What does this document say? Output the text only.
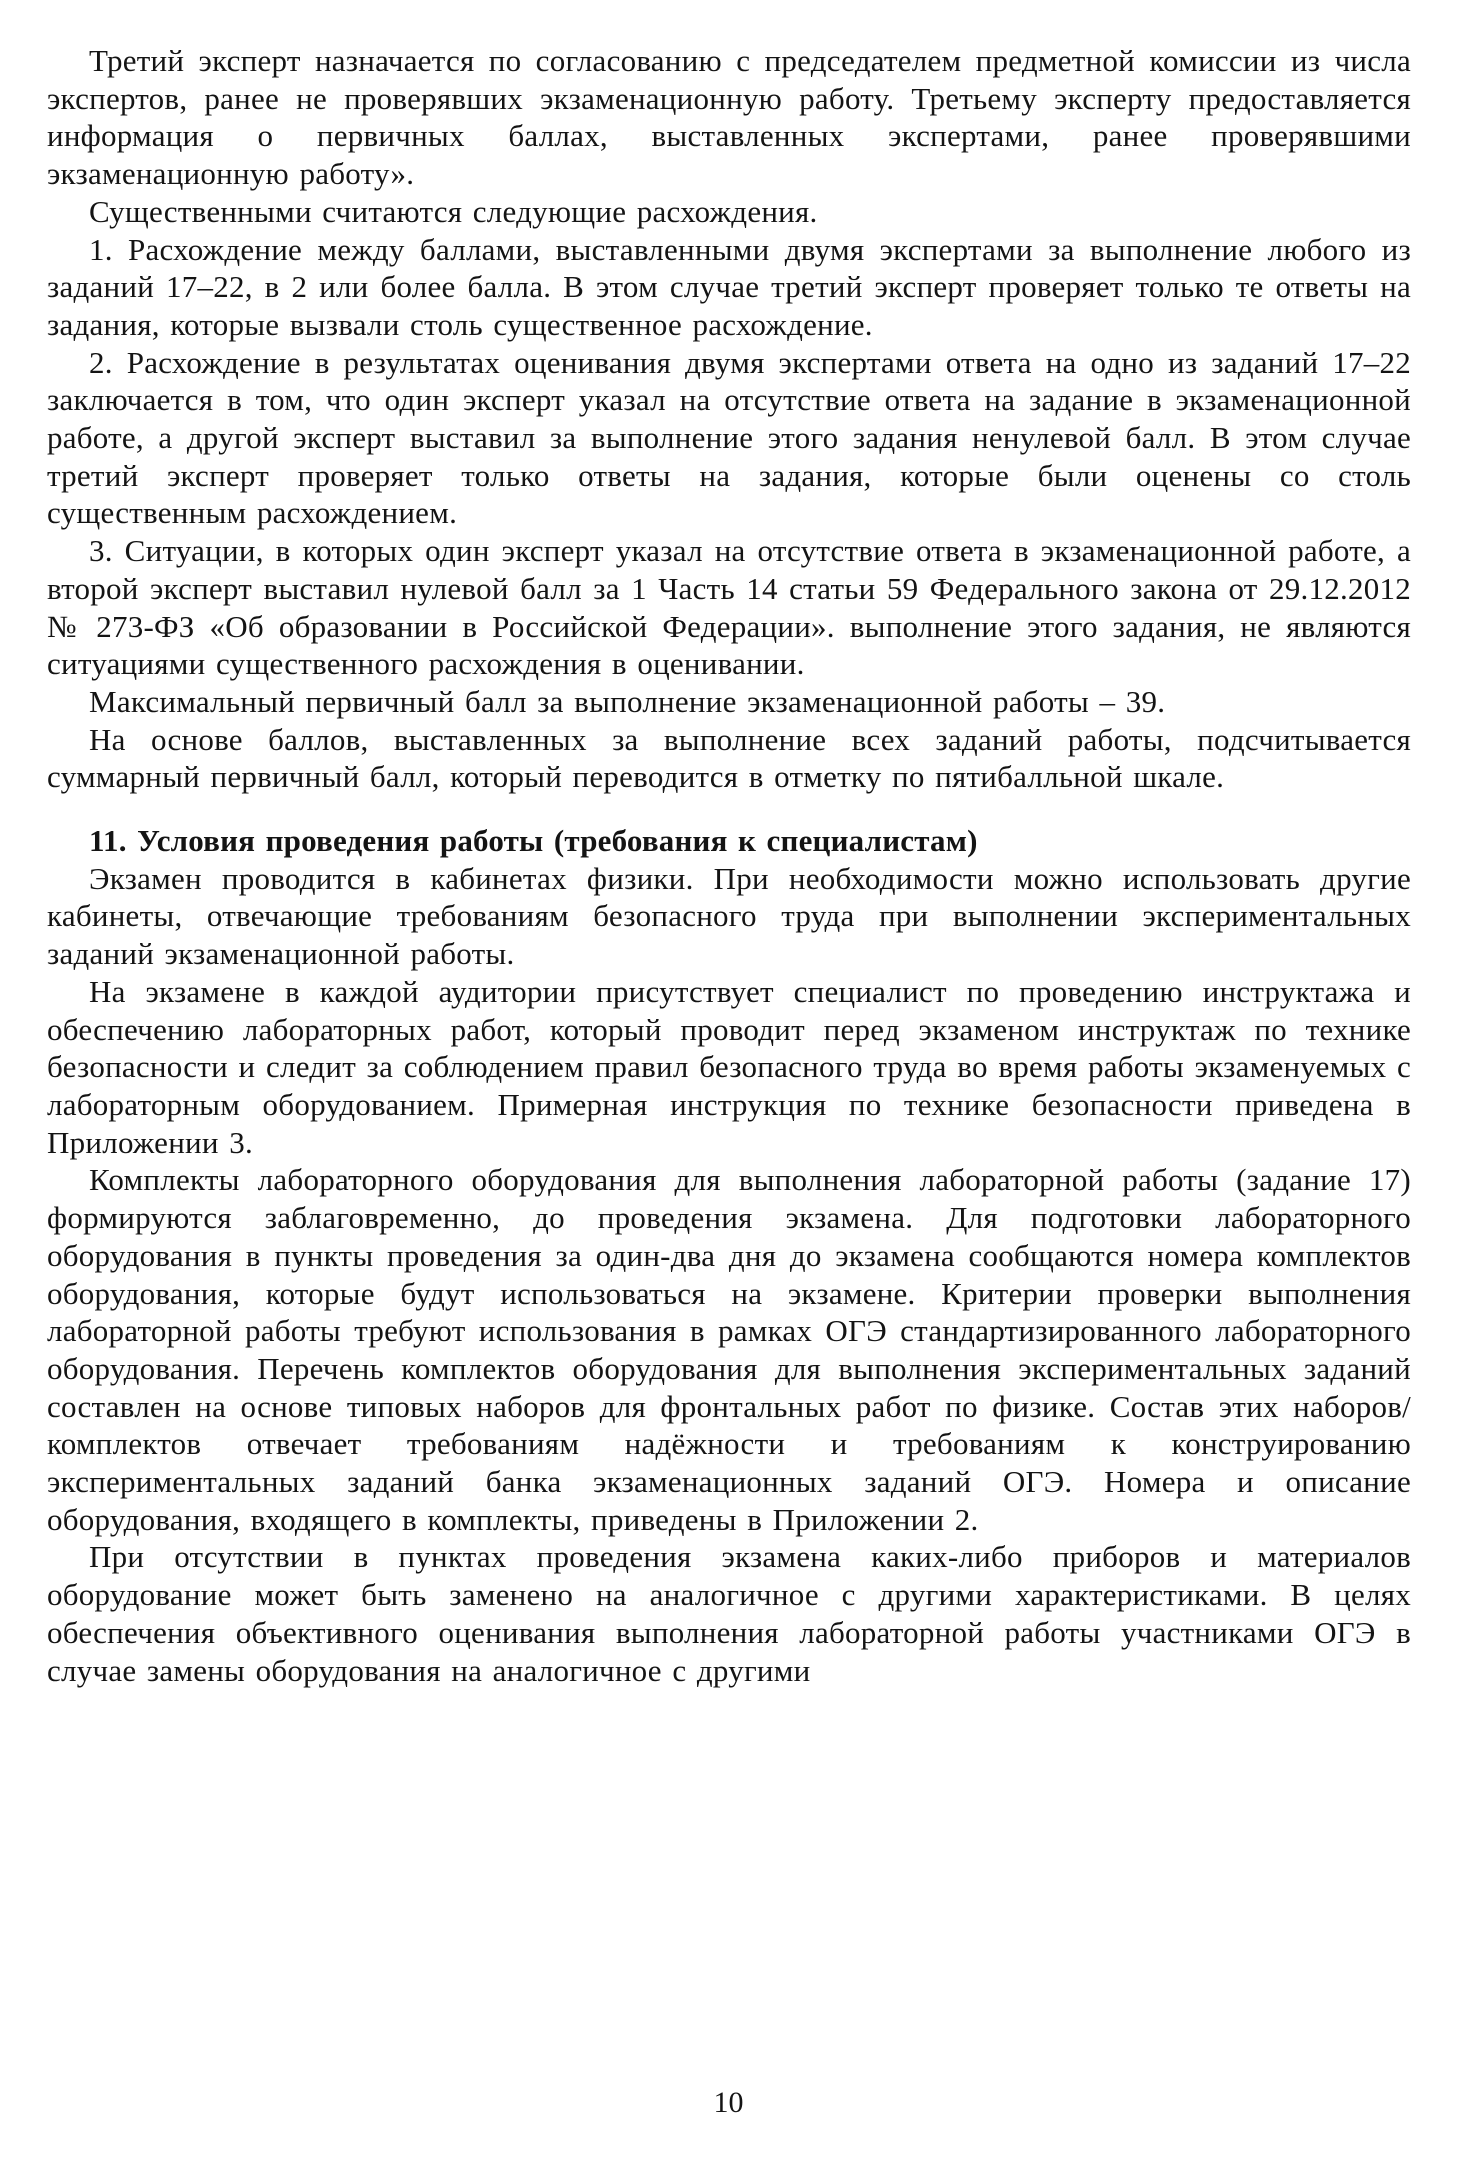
Третий эксперт назначается по согласованию с председателем предметной комиссии из числа экспертов, ранее не проверявших экзаменационную работу. Третьему эксперту предоставляется информация о первичных баллах, выставленных экспертами, ранее проверявшими экзаменационную работу».

Существенными считаются следующие расхождения.

1. Расхождение между баллами, выставленными двумя экспертами за выполнение любого из заданий 17–22, в 2 или более балла. В этом случае третий эксперт проверяет только те ответы на задания, которые вызвали столь существенное расхождение.

2. Расхождение в результатах оценивания двумя экспертами ответа на одно из заданий 17–22 заключается в том, что один эксперт указал на отсутствие ответа на задание в экзаменационной работе, а другой эксперт выставил за выполнение этого задания ненулевой балл. В этом случае третий эксперт проверяет только ответы на задания, которые были оценены со столь существенным расхождением.

3. Ситуации, в которых один эксперт указал на отсутствие ответа в экзаменационной работе, а второй эксперт выставил нулевой балл за 1 Часть 14 статьи 59 Федерального закона от 29.12.2012 № 273-ФЗ «Об образовании в Российской Федерации». выполнение этого задания, не являются ситуациями существенного расхождения в оценивании.

Максимальный первичный балл за выполнение экзаменационной работы – 39.

На основе баллов, выставленных за выполнение всех заданий работы, подсчитывается суммарный первичный балл, который переводится в отметку по пятибалльной шкале.

11. Условия проведения работы (требования к специалистам)

Экзамен проводится в кабинетах физики. При необходимости можно использовать другие кабинеты, отвечающие требованиям безопасного труда при выполнении экспериментальных заданий экзаменационной работы.

На экзамене в каждой аудитории присутствует специалист по проведению инструктажа и обеспечению лабораторных работ, который проводит перед экзаменом инструктаж по технике безопасности и следит за соблюдением правил безопасного труда во время работы экзаменуемых с лабораторным оборудованием. Примерная инструкция по технике безопасности приведена в Приложении 3.

Комплекты лабораторного оборудования для выполнения лабораторной работы (задание 17) формируются заблаговременно, до проведения экзамена. Для подготовки лабораторного оборудования в пункты проведения за один-два дня до экзамена сообщаются номера комплектов оборудования, которые будут использоваться на экзамене. Критерии проверки выполнения лабораторной работы требуют использования в рамках ОГЭ стандартизированного лабораторного оборудования. Перечень комплектов оборудования для выполнения экспериментальных заданий составлен на основе типовых наборов для фронтальных работ по физике. Состав этих наборов/комплектов отвечает требованиям надёжности и требованиям к конструированию экспериментальных заданий банка экзаменационных заданий ОГЭ. Номера и описание оборудования, входящего в комплекты, приведены в Приложении 2.

При отсутствии в пунктах проведения экзамена каких-либо приборов и материалов оборудование может быть заменено на аналогичное с другими характеристиками. В целях обеспечения объективного оценивания выполнения лабораторной работы участниками ОГЭ в случае замены оборудования на аналогичное с другими

10
